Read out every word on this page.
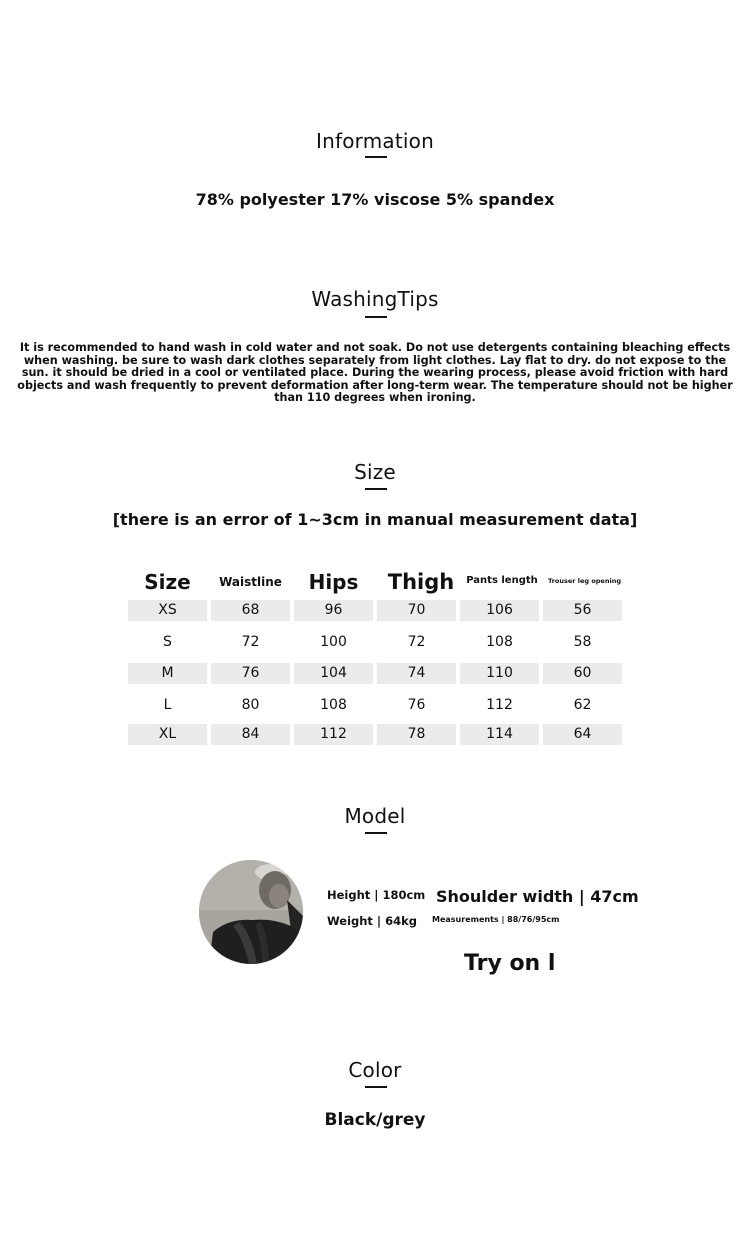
Information
78% polyester 17% viscose 5% spandex
WashingTips
It is recommended to hand wash in cold water and not soak. Do not use detergents containing bleaching effects when washing. be sure to wash dark clothes separately from light clothes. Lay flat to dry. do not expose to the sun. it should be dried in a cool or ventilated place. During the wearing process, please avoid friction with hard objects and wash frequently to prevent deformation after long-term wear. The temperature should not be higher than 110 degrees when ironing.
Size
[there is an error of 1~3cm in manual measurement data]
Size	Waistline	Hips	Thigh	Pants length	Trouser leg opening
XS	68	96	70	106	56
S	72	100	72	108	58
M	76	104	74	110	60
L	80	108	76	112	62
XL	84	112	78	114	64
Model
Height | 180cm
Weight | 64kg
Shoulder width | 47cm
Measurements | 88/76/95cm
Try on l
Color
Black/grey
